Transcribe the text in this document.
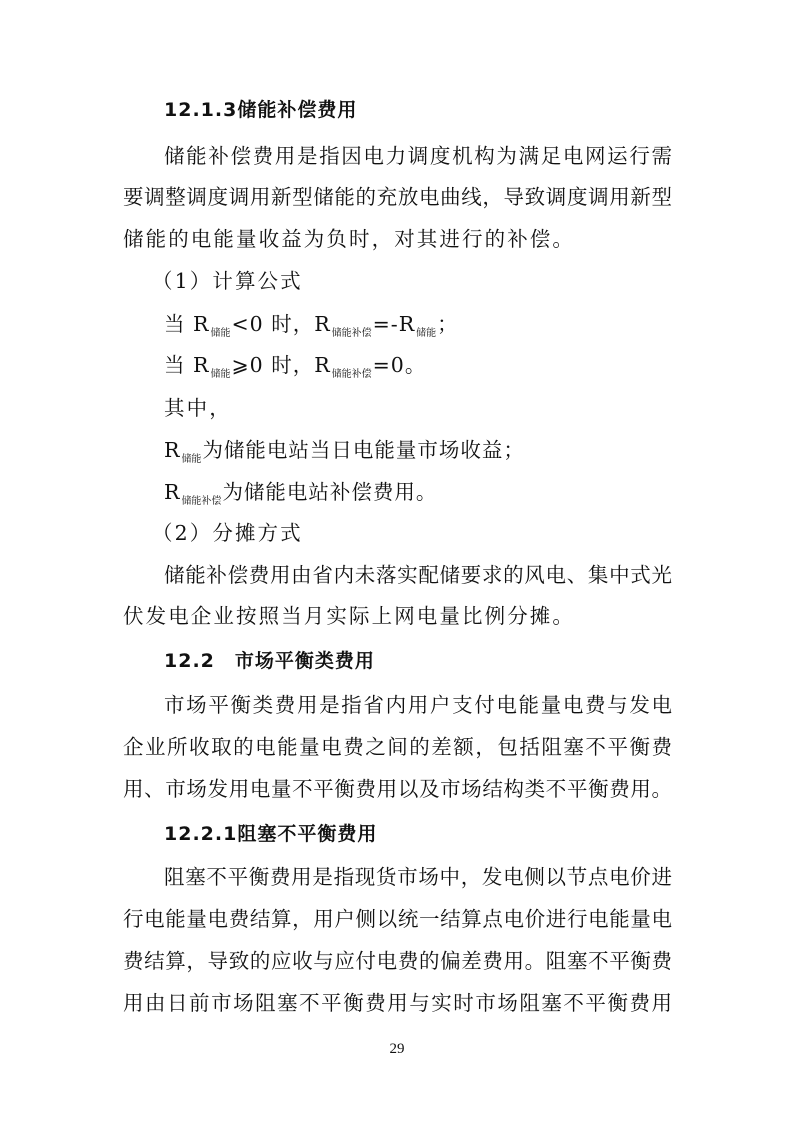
12.1.3储能补偿费用
储能补偿费用是指因电力调度机构为满足电网运行需
要调整调度调用新型储能的充放电曲线，导致调度调用新型
储能的电能量收益为负时，对其进行的补偿。
（1）计算公式
当 $R_{储能}<0$ 时，$R_{储能补偿}=-R_{储能}$；
当 $R_{储能}⩾0$ 时，$R_{储能补偿}=0$。
其中，
$R_{储能}$为储能电站当日电能量市场收益；
$R_{储能补偿}$为储能电站补偿费用。
（2）分摊方式
储能补偿费用由省内未落实配储要求的风电、集中式光
伏发电企业按照当月实际上网电量比例分摊。
12.2　市场平衡类费用
市场平衡类费用是指省内用户支付电能量电费与发电
企业所收取的电能量电费之间的差额，包括阻塞不平衡费
用、市场发用电量不平衡费用以及市场结构类不平衡费用。
12.2.1阻塞不平衡费用
阻塞不平衡费用是指现货市场中，发电侧以节点电价进
行电能量电费结算，用户侧以统一结算点电价进行电能量电
费结算，导致的应收与应付电费的偏差费用。阻塞不平衡费
用由日前市场阻塞不平衡费用与实时市场阻塞不平衡费用
29
